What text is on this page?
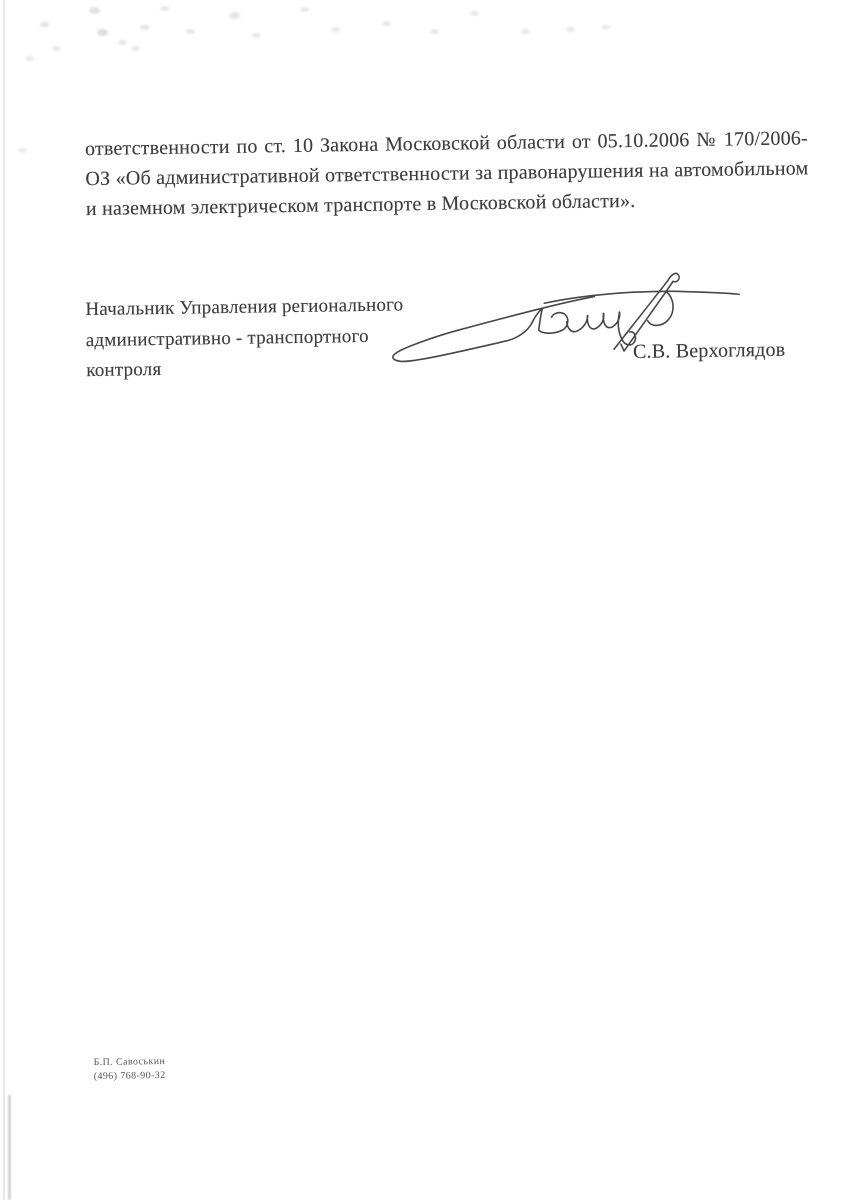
ответственности по ст. 10 Закона Московской области от 05.10.2006 № 170/2006-
ОЗ «Об административной ответственности за правонарушения на автомобильном
и наземном электрическом транспорте в Московской области».
Начальник Управления регионального
административно - транспортного
контроля
С.В. Верхоглядов
Б.П. Савоськин
(496) 768-90-32
